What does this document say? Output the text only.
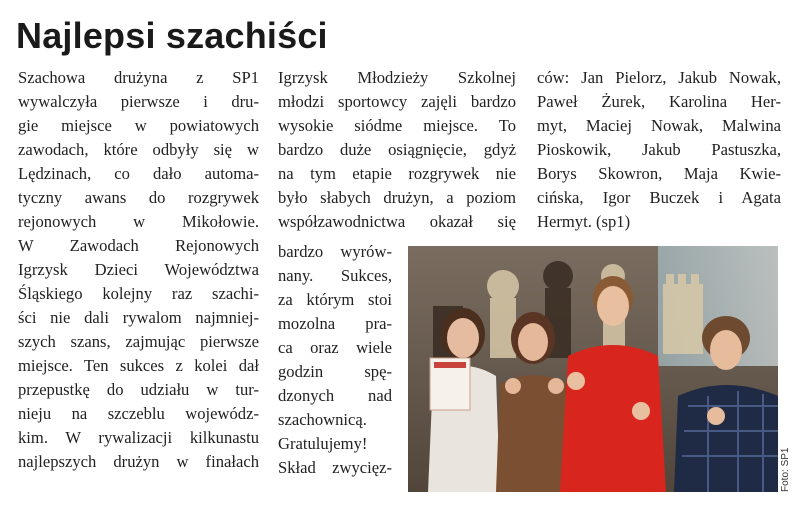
Najlepsi szachiści
Szachowa drużyna z SP1
wywalczyła pierwsze i dru-
gie miejsce w powiatowych
zawodach, które odbyły się w
Lędzinach, co dało automa-
tyczny awans do rozgrywek
rejonowych w Mikołowie.
W Zawodach Rejonowych
Igrzysk Dzieci Województwa
Śląskiego kolejny raz szachi-
ści nie dali rywalom najmniej-
szych szans, zajmując pierwsze
miejsce. Ten sukces z kolei dał
przepustkę do udziału w tur-
nieju na szczeblu wojewódz-
kim. W rywalizacji kilkunastu
najlepszych drużyn w finałach
Igrzysk Młodzieży Szkolnej
młodzi sportowcy zajęli bardzo
wysokie siódme miejsce. To
bardzo duże osiągnięcie, gdyż
na tym etapie rozgrywek nie
było słabych drużyn, a poziom
współzawodnictwa okazał się
bardzo wyrów-
nany. Sukces,
za którym stoi
mozolna pra-
ca oraz wiele
godzin spę-
dzonych nad
szachownicą.
Gratulujemy!
Skład zwycięz-
ców: Jan Pielorz, Jakub Nowak,
Paweł Żurek, Karolina Her-
myt, Maciej Nowak, Malwina
Pioskowik, Jakub Pastuszka,
Borys Skowron, Maja Kwie-
cińska, Igor Buczek i Agata
Hermyt. (sp1)
Foto: SP1
